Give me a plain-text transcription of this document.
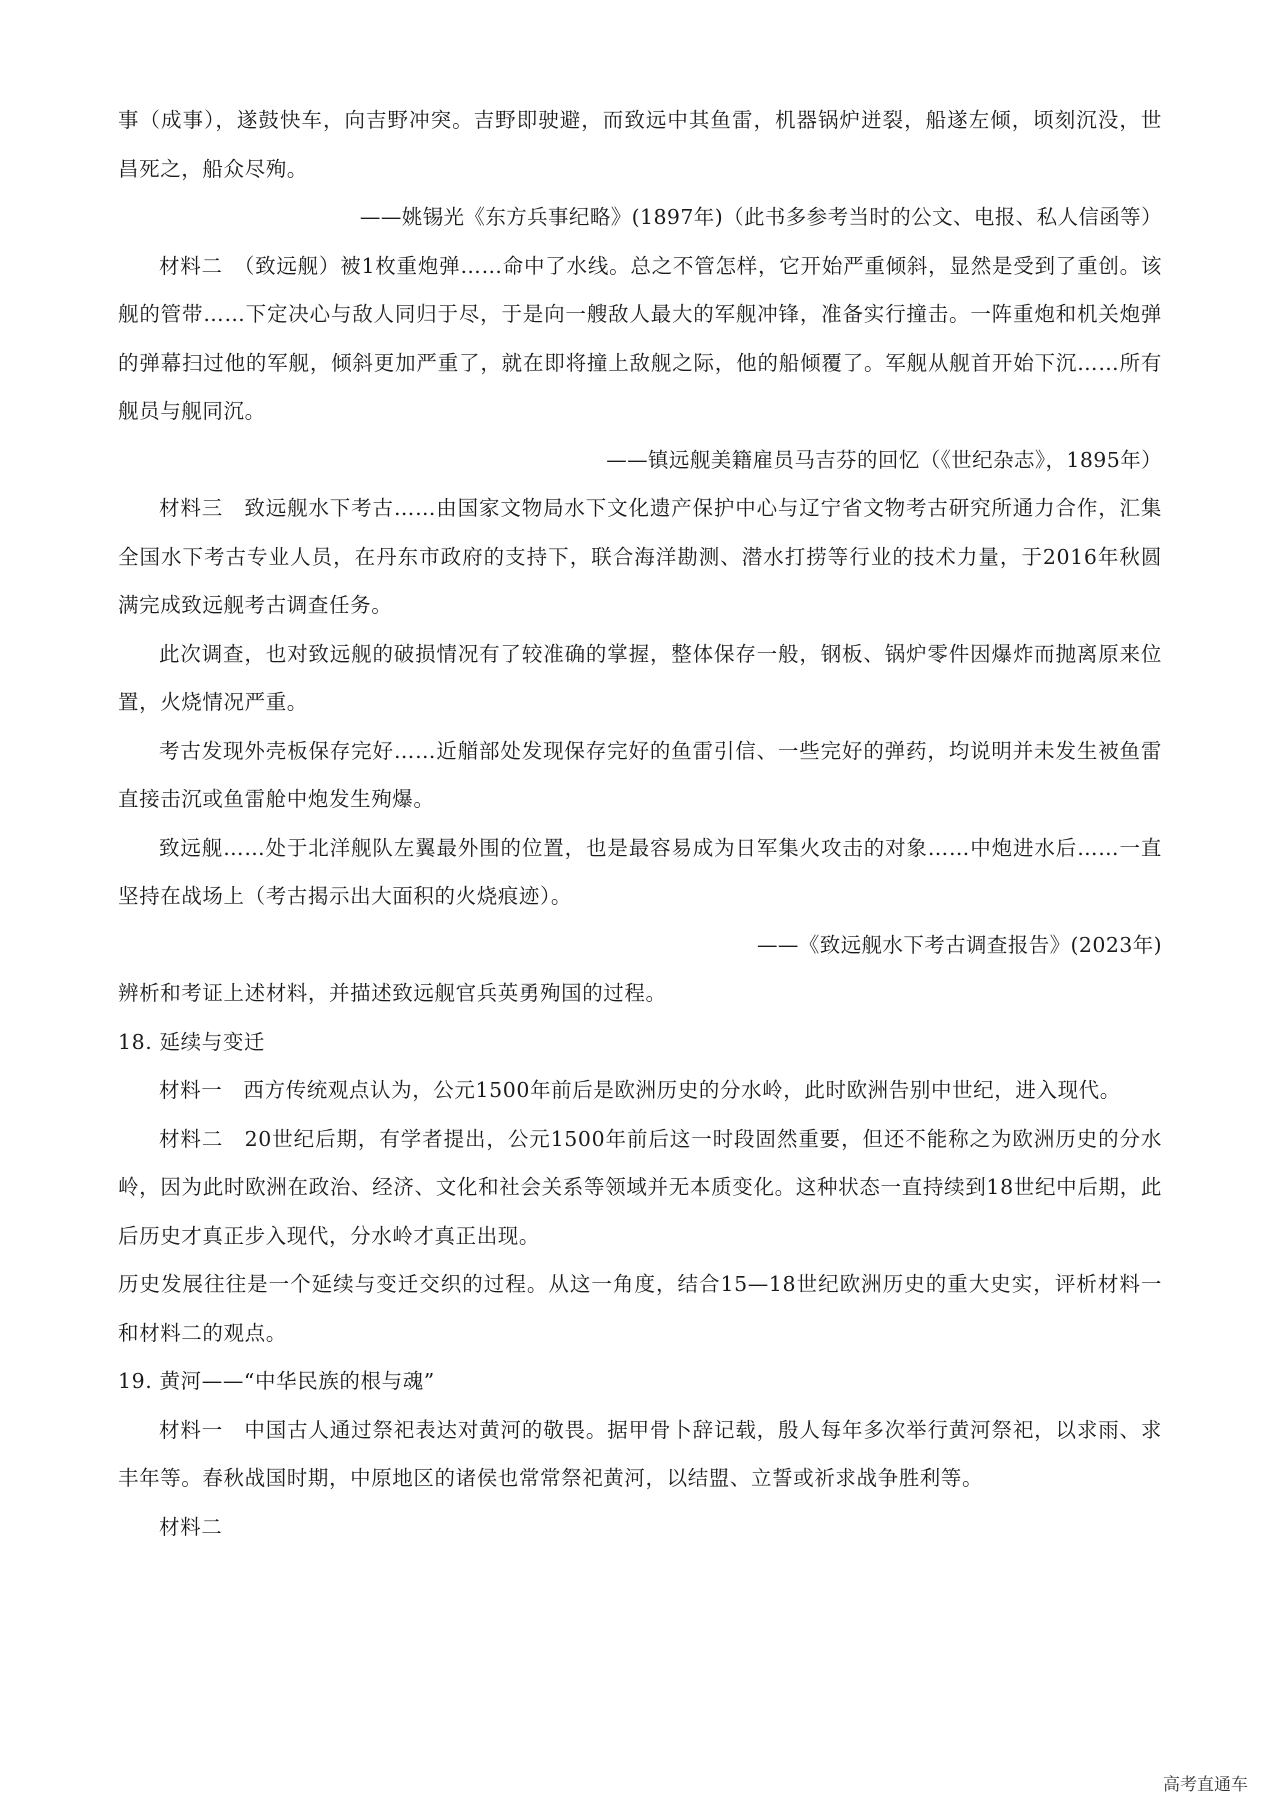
事（成事），遂鼓快车，向吉野冲突。吉野即驶避，而致远中其鱼雷，机器锅炉迸裂，船遂左倾，顷刻沉没，世昌死之，船众尽殉。

——姚锡光《东方兵事纪略》(1897年)（此书多参考当时的公文、电报、私人信函等）

材料二　（致远舰）被1枚重炮弹……命中了水线。总之不管怎样，它开始严重倾斜，显然是受到了重创。该舰的管带……下定决心与敌人同归于尽，于是向一艘敌人最大的军舰冲锋，准备实行撞击。一阵重炮和机关炮弹的弹幕扫过他的军舰，倾斜更加严重了，就在即将撞上敌舰之际，他的船倾覆了。军舰从舰首开始下沉……所有舰员与舰同沉。

——镇远舰美籍雇员马吉芬的回忆（《世纪杂志》，1895年）

材料三　致远舰水下考古……由国家文物局水下文化遗产保护中心与辽宁省文物考古研究所通力合作，汇集全国水下考古专业人员，在丹东市政府的支持下，联合海洋勘测、潜水打捞等行业的技术力量，于2016年秋圆满完成致远舰考古调查任务。

此次调查，也对致远舰的破损情况有了较准确的掌握，整体保存一般，钢板、锅炉零件因爆炸而抛离原来位置，火烧情况严重。

考古发现外壳板保存完好……近艏部处发现保存完好的鱼雷引信、一些完好的弹药，均说明并未发生被鱼雷直接击沉或鱼雷舱中炮发生殉爆。

致远舰……处于北洋舰队左翼最外围的位置，也是最容易成为日军集火攻击的对象……中炮进水后……一直坚持在战场上（考古揭示出大面积的火烧痕迹）。

——《致远舰水下考古调查报告》(2023年)

辨析和考证上述材料，并描述致远舰官兵英勇殉国的过程。

18. 延续与变迁

材料一　西方传统观点认为，公元1500年前后是欧洲历史的分水岭，此时欧洲告别中世纪，进入现代。

材料二　20世纪后期，有学者提出，公元1500年前后这一时段固然重要，但还不能称之为欧洲历史的分水岭，因为此时欧洲在政治、经济、文化和社会关系等领域并无本质变化。这种状态一直持续到18世纪中后期，此后历史才真正步入现代，分水岭才真正出现。

历史发展往往是一个延续与变迁交织的过程。从这一角度，结合15—18世纪欧洲历史的重大史实，评析材料一和材料二的观点。

19. 黄河——“中华民族的根与魂”

材料一　中国古人通过祭祀表达对黄河的敬畏。据甲骨卜辞记载，殷人每年多次举行黄河祭祀，以求雨、求丰年等。春秋战国时期，中原地区的诸侯也常常祭祀黄河，以结盟、立誓或祈求战争胜利等。

材料二

高考直通车
